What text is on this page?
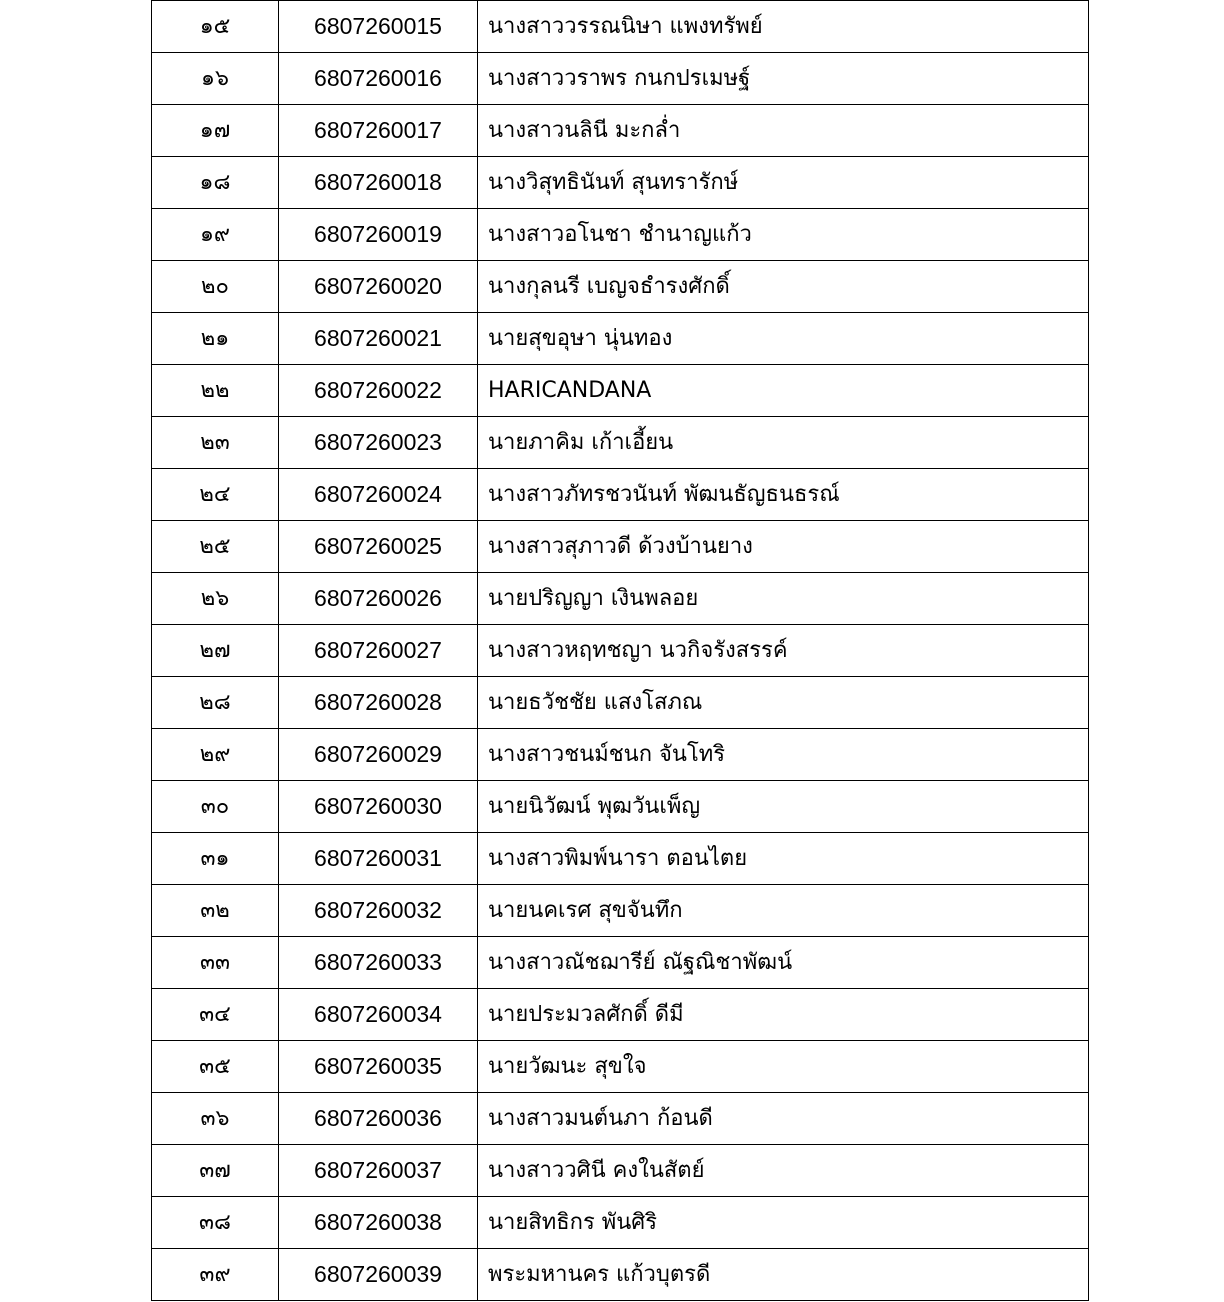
๑๕	6807260015	นางสาววรรณนิษา แพงทรัพย์
๑๖	6807260016	นางสาววราพร กนกปรเมษฐ์
๑๗	6807260017	นางสาวนลินี มะกล่ำ
๑๘	6807260018	นางวิสุทธินันท์ สุนทรารักษ์
๑๙	6807260019	นางสาวอโนชา ชำนาญแก้ว
๒๐	6807260020	นางกุลนรี เบญจธำรงศักดิ์
๒๑	6807260021	นายสุขอุษา นุ่นทอง
๒๒	6807260022	HARICANDANA
๒๓	6807260023	นายภาคิม เก้าเอี้ยน
๒๔	6807260024	นางสาวภัทรชวนันท์ พัฒนธัญธนธรณ์
๒๕	6807260025	นางสาวสุภาวดี ด้วงบ้านยาง
๒๖	6807260026	นายปริญญา เงินพลอย
๒๗	6807260027	นางสาวหฤทชญา นวกิจรังสรรค์
๒๘	6807260028	นายธวัชชัย แสงโสภณ
๒๙	6807260029	นางสาวชนม์ชนก จันโทริ
๓๐	6807260030	นายนิวัฒน์ พุฒวันเพ็ญ
๓๑	6807260031	นางสาวพิมพ์นารา ตอนไตย
๓๒	6807260032	นายนคเรศ สุขจันทึก
๓๓	6807260033	นางสาวณัชฌารีย์ ณัฐณิชาพัฒน์
๓๔	6807260034	นายประมวลศักดิ์ ดีมี
๓๕	6807260035	นายวัฒนะ สุขใจ
๓๖	6807260036	นางสาวมนต์นภา ก้อนดี
๓๗	6807260037	นางสาววศินี คงในสัตย์
๓๘	6807260038	นายสิทธิกร พันศิริ
๓๙	6807260039	พระมหานคร แก้วบุตรดี
